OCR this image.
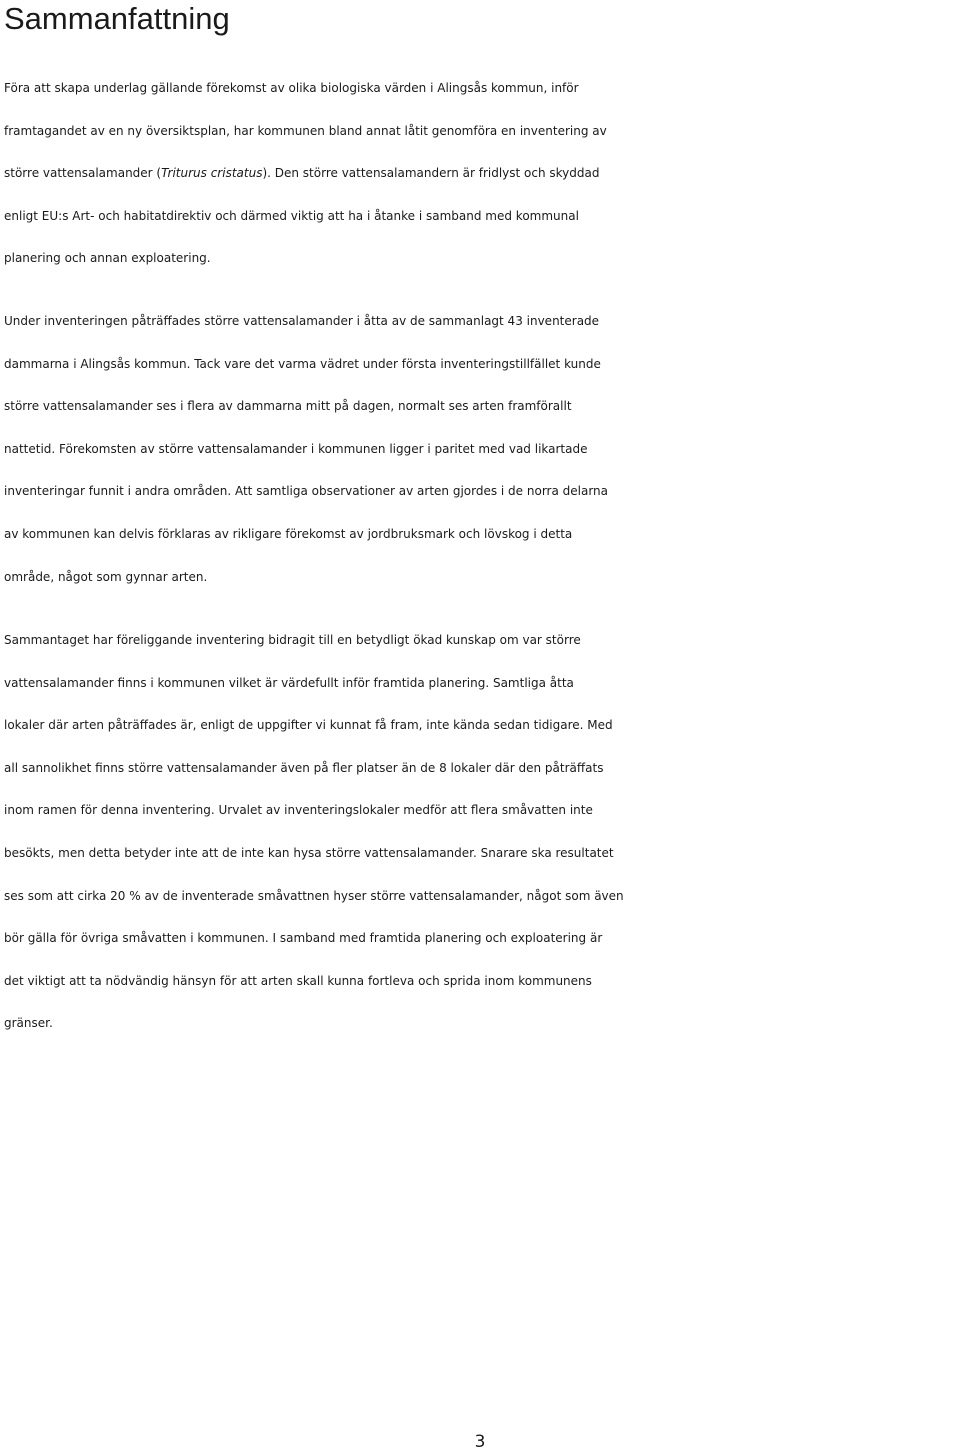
Sammanfattning

Föra att skapa underlag gällande förekomst av olika biologiska värden i Alingsås kommun, inför
framtagandet av en ny översiktsplan, har kommunen bland annat låtit genomföra en inventering av
större vattensalamander (Triturus cristatus). Den större vattensalamandern är fridlyst och skyddad
enligt EU:s Art- och habitatdirektiv och därmed viktig att ha i åtanke i samband med kommunal
planering och annan exploatering.

Under inventeringen påträffades större vattensalamander i åtta av de sammanlagt 43 inventerade
dammarna i Alingsås kommun. Tack vare det varma vädret under första inventeringstillfället kunde
större vattensalamander ses i flera av dammarna mitt på dagen, normalt ses arten framförallt
nattetid. Förekomsten av större vattensalamander i kommunen ligger i paritet med vad likartade
inventeringar funnit i andra områden. Att samtliga observationer av arten gjordes i de norra delarna
av kommunen kan delvis förklaras av rikligare förekomst av jordbruksmark och lövskog i detta
område, något som gynnar arten.

Sammantaget har föreliggande inventering bidragit till en betydligt ökad kunskap om var större
vattensalamander finns i kommunen vilket är värdefullt inför framtida planering. Samtliga åtta
lokaler där arten påträffades är, enligt de uppgifter vi kunnat få fram, inte kända sedan tidigare. Med
all sannolikhet finns större vattensalamander även på fler platser än de 8 lokaler där den påträffats
inom ramen för denna inventering. Urvalet av inventeringslokaler medför att flera småvatten inte
besökts, men detta betyder inte att de inte kan hysa större vattensalamander. Snarare ska resultatet
ses som att cirka 20 % av de inventerade småvattnen hyser större vattensalamander, något som även
bör gälla för övriga småvatten i kommunen. I samband med framtida planering och exploatering är
det viktigt att ta nödvändig hänsyn för att arten skall kunna fortleva och sprida inom kommunens
gränser.

3
